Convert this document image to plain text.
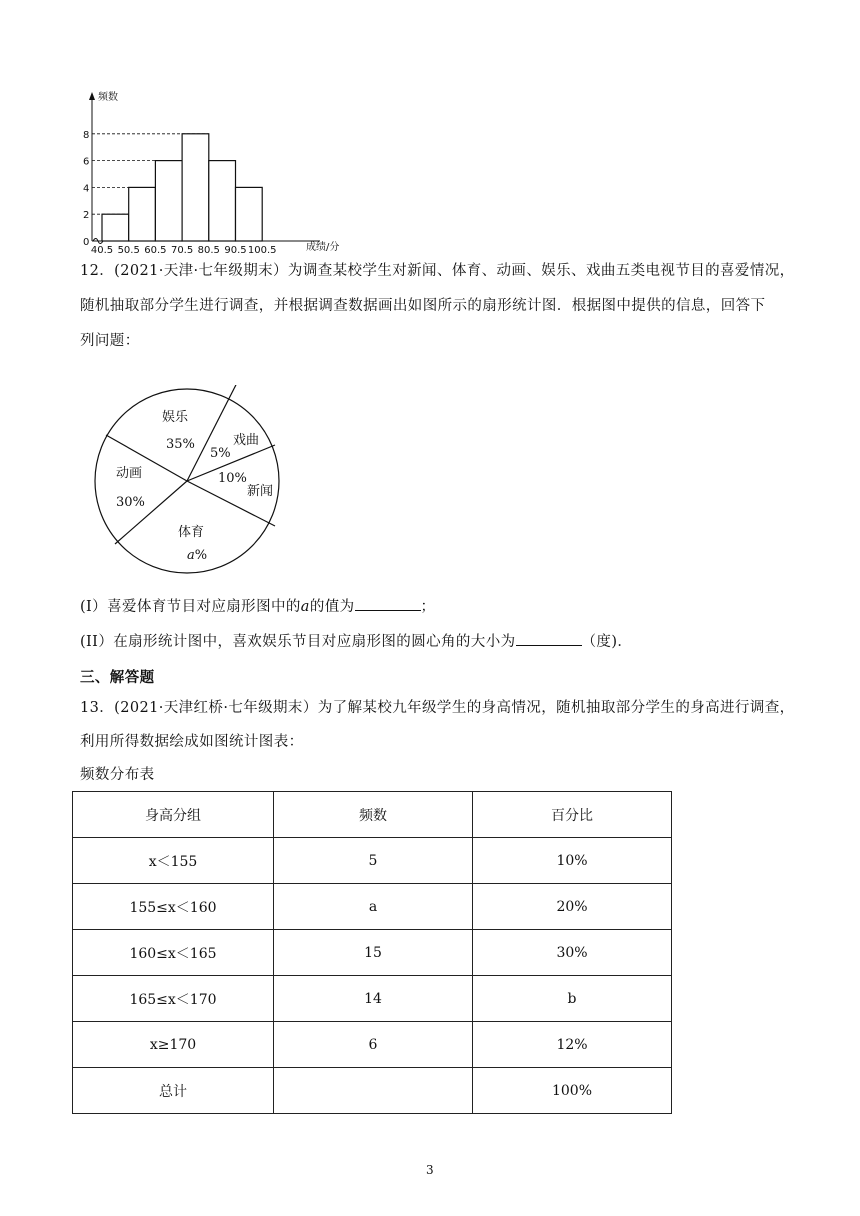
频数
成绩/分
0
2
4
6
8
40.5 50.5 60.5 70.5 80.5 90.5 100.5
12．(2021·天津·七年级期末）为调查某校学生对新闻、体育、动画、娱乐、戏曲五类电视节目的喜爱情况，
随机抽取部分学生进行调查，并根据调查数据画出如图所示的扇形统计图．根据图中提供的信息，回答下
列问题：
娱乐
35%	戏曲
5%
10%
新闻
动画
30%
体育
a%
(I）喜爱体育节目对应扇形图中的a的值为	；
(II）在扇形统计图中，喜欢娱乐节目对应扇形图的圆心角的大小为	（度)．
三、解答题
13．(2021·天津红桥·七年级期末）为了解某校九年级学生的身高情况，随机抽取部分学生的身高进行调查，
利用所得数据绘成如图统计图表：
频数分布表
身高分组	频数	百分比
x＜155	5	10%
155≤x＜160	a	20%
160≤x＜165	15	30%
165≤x＜170	14	b
x≥170	6	12%
总计		100%
3
